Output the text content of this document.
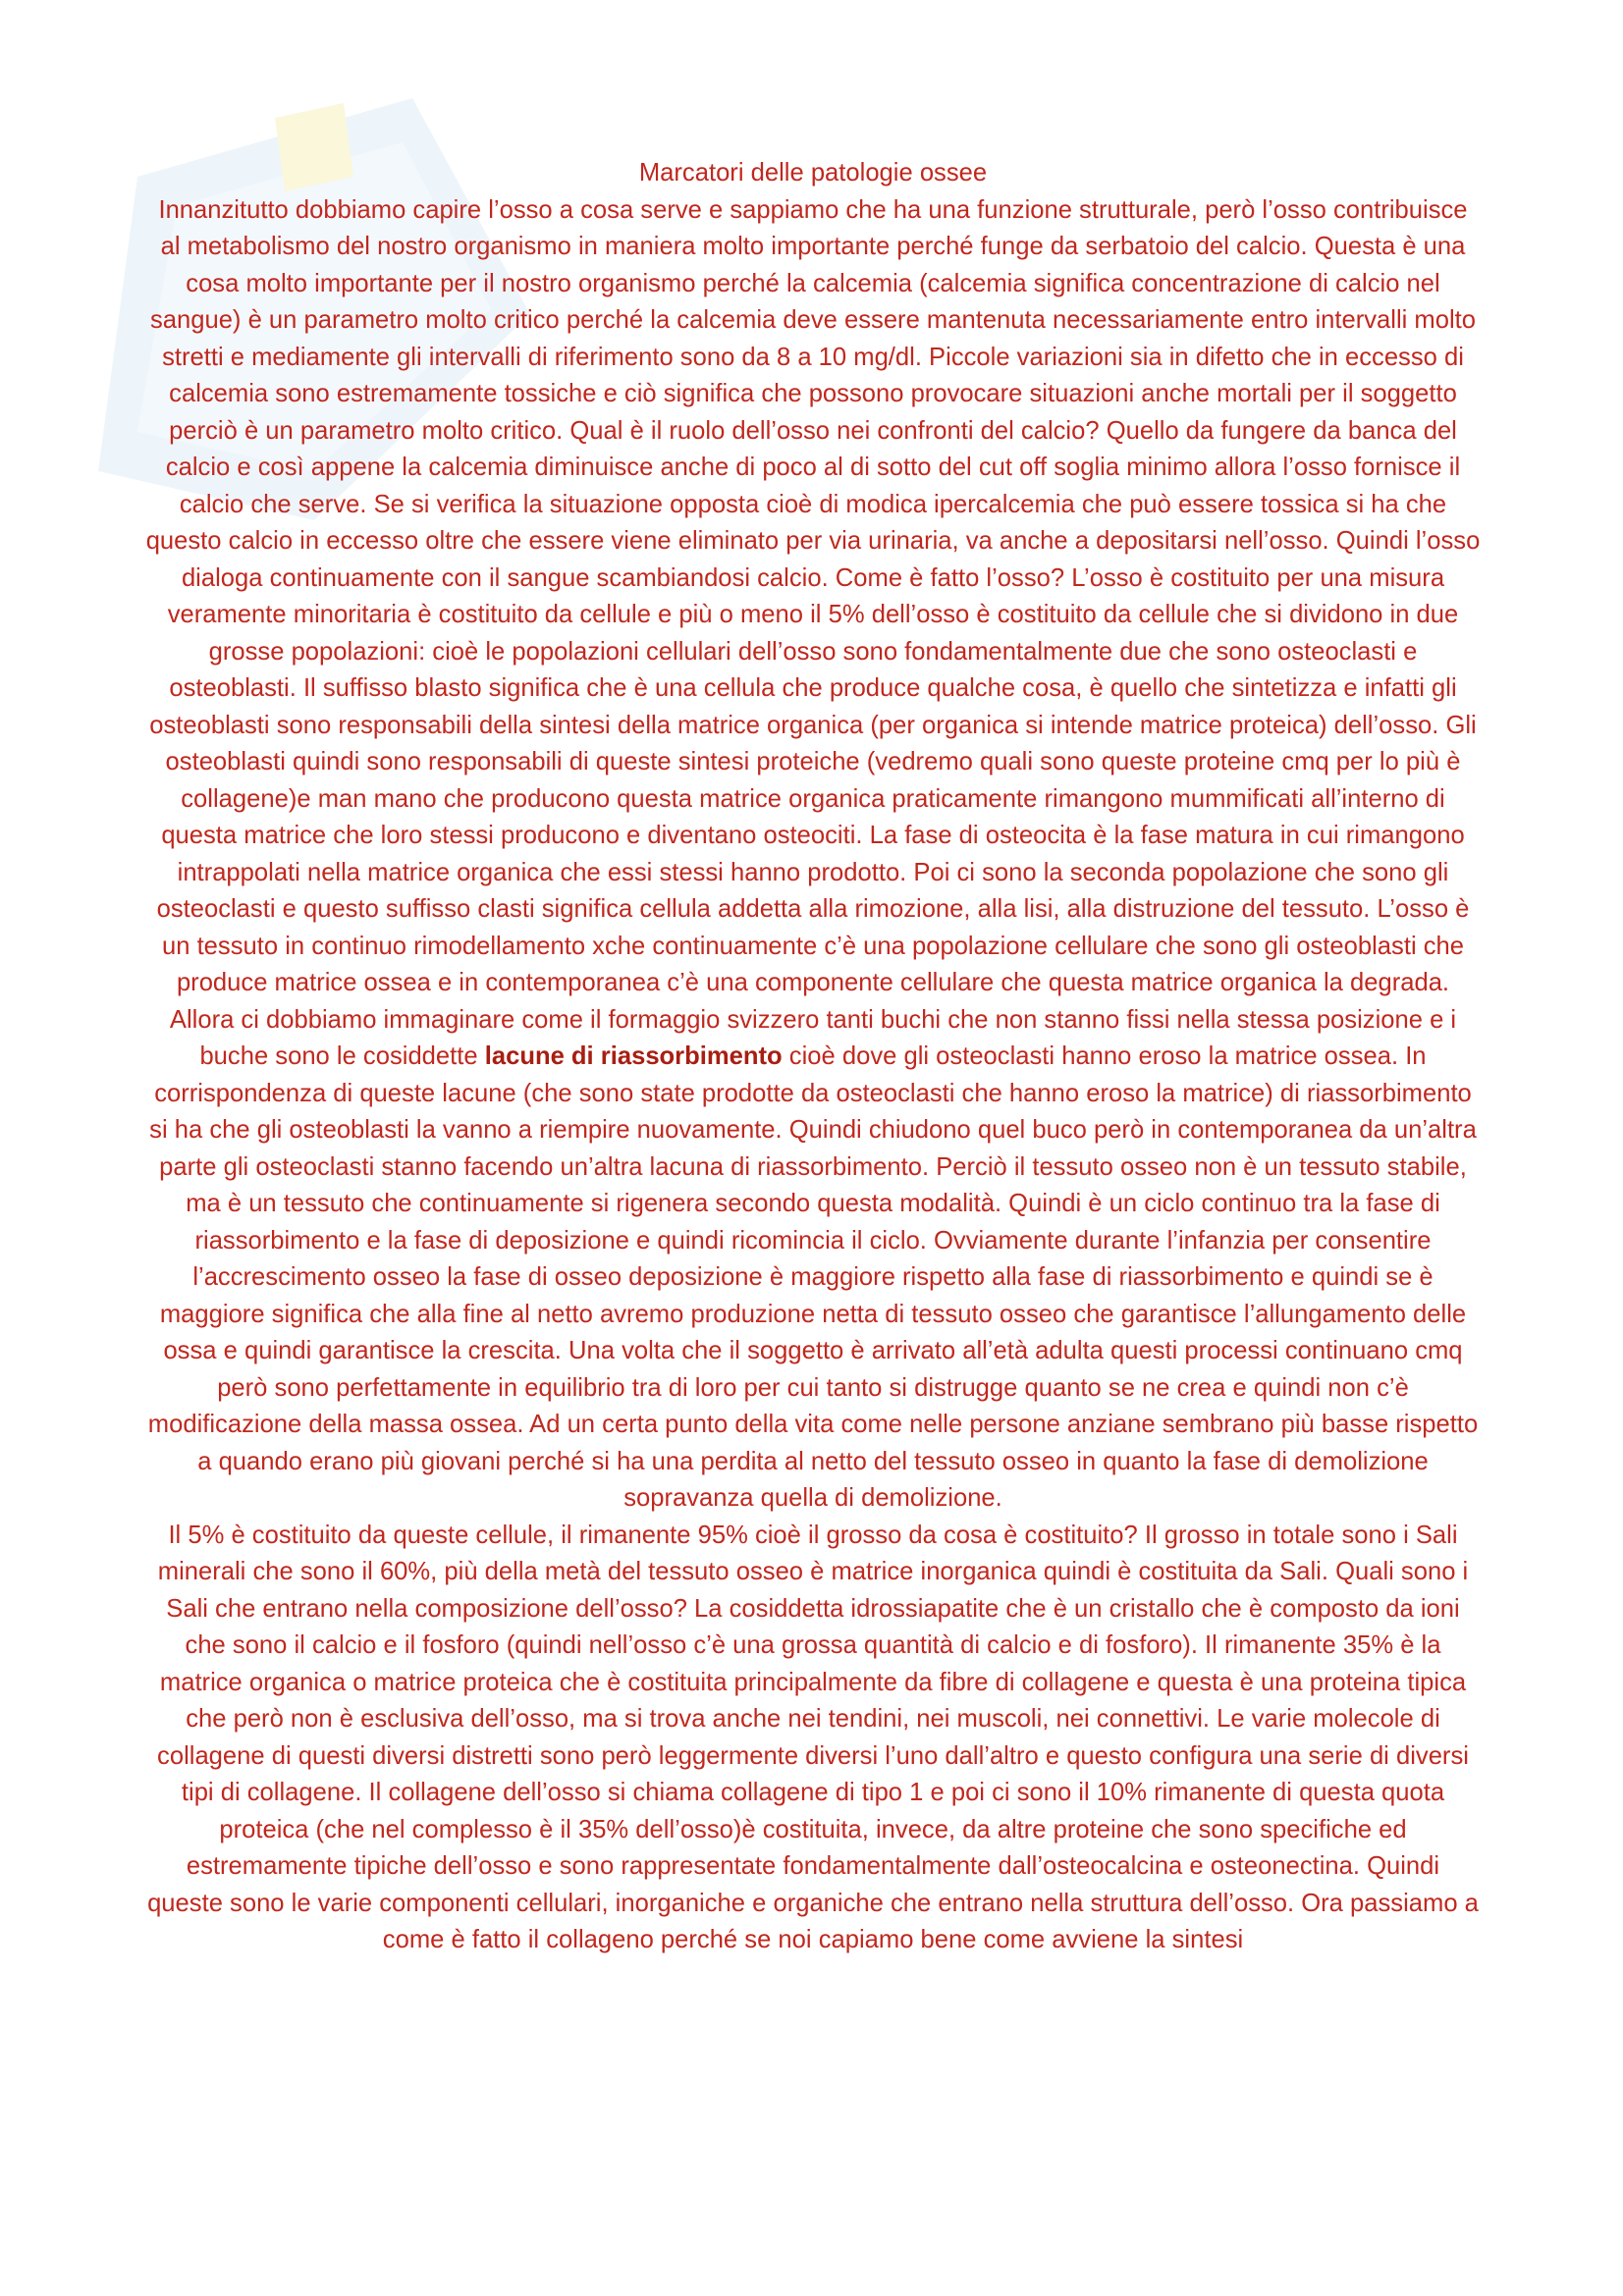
Marcatori delle patologie ossee

Innanzitutto dobbiamo capire l’osso a cosa serve e sappiamo che ha una funzione strutturale, però l’osso contribuisce al metabolismo del nostro organismo in maniera molto importante perché funge da serbatoio del calcio. Questa è una cosa molto importante per il nostro organismo perché la calcemia (calcemia significa concentrazione di calcio nel sangue) è un parametro molto critico perché la calcemia deve essere mantenuta necessariamente entro intervalli molto stretti e mediamente gli intervalli di riferimento sono da 8 a 10 mg/dl. Piccole variazioni sia in difetto che in eccesso di calcemia sono estremamente tossiche e ciò significa che possono provocare situazioni anche mortali per il soggetto perciò è un parametro molto critico. Qual è il ruolo dell’osso nei confronti del calcio? Quello da fungere da banca del calcio e così appene la calcemia diminuisce anche di poco al di sotto del cut off soglia minimo allora l’osso fornisce il calcio che serve. Se si verifica la situazione opposta cioè di modica ipercalcemia che può essere tossica si ha che questo calcio in eccesso oltre che essere viene eliminato per via urinaria, va anche a depositarsi nell’osso. Quindi l’osso dialoga continuamente con il sangue scambiandosi calcio. Come è fatto l’osso? L’osso è costituito per una misura veramente minoritaria è costituito da cellule e più o meno il 5% dell’osso è costituito da cellule che si dividono in due grosse popolazioni: cioè le popolazioni cellulari dell’osso sono fondamentalmente due che sono osteoclasti e osteoblasti. Il suffisso blasto significa che è una cellula che produce qualche cosa, è quello che sintetizza e infatti gli osteoblasti sono responsabili della sintesi della matrice organica (per organica si intende matrice proteica) dell’osso. Gli osteoblasti quindi sono responsabili di queste sintesi proteiche (vedremo quali sono queste proteine cmq per lo più è collagene)e man mano che producono questa matrice organica praticamente rimangono mummificati all’interno di questa matrice che loro stessi producono e diventano osteociti. La fase di osteocita è la fase matura in cui rimangono intrappolati nella matrice organica che essi stessi hanno prodotto. Poi ci sono la seconda popolazione che sono gli osteoclasti e questo suffisso clasti significa cellula addetta alla rimozione, alla lisi, alla distruzione del tessuto. L’osso è un tessuto in continuo rimodellamento xche continuamente c’è una popolazione cellulare che sono gli osteoblasti che produce matrice ossea e in contemporanea c’è una componente cellulare che questa matrice organica la degrada. Allora ci dobbiamo immaginare come il formaggio svizzero tanti buchi che non stanno fissi nella stessa posizione e i buche sono le cosiddette lacune di riassorbimento cioè dove gli osteoclasti hanno eroso la matrice ossea. In corrispondenza di queste lacune (che sono state prodotte da osteoclasti che hanno eroso la matrice) di riassorbimento si ha che gli osteoblasti la vanno a riempire nuovamente. Quindi chiudono quel buco però in contemporanea da un’altra parte gli osteoclasti stanno facendo un’altra lacuna di riassorbimento. Perciò il tessuto osseo non è un tessuto stabile, ma è un tessuto che continuamente si rigenera secondo questa modalità. Quindi è un ciclo continuo tra la fase di riassorbimento e la fase di deposizione e quindi ricomincia il ciclo. Ovviamente durante l’infanzia per consentire l’accrescimento osseo la fase di osseo deposizione è maggiore rispetto alla fase di riassorbimento e quindi se è maggiore significa che alla fine al netto avremo produzione netta di tessuto osseo che garantisce l’allungamento delle ossa e quindi garantisce la crescita. Una volta che il soggetto è arrivato all’età adulta questi processi continuano cmq però sono perfettamente in equilibrio tra di loro per cui tanto si distrugge quanto se ne crea e quindi non c’è modificazione della massa ossea. Ad un certa punto della vita come nelle persone anziane sembrano più basse rispetto a quando erano più giovani perché si ha una perdita al netto del tessuto osseo in quanto la fase di demolizione sopravanza quella di demolizione.

Il 5% è costituito da queste cellule, il rimanente 95% cioè il grosso da cosa è costituito? Il grosso in totale sono i Sali minerali che sono il 60%, più della metà del tessuto osseo è matrice inorganica quindi è costituita da Sali. Quali sono i Sali che entrano nella composizione dell’osso? La cosiddetta idrossiapatite che è un cristallo che è composto da ioni che sono il calcio e il fosforo (quindi nell’osso c’è una grossa quantità di calcio e di fosforo). Il rimanente 35% è la matrice organica o matrice proteica che è costituita principalmente da fibre di collagene e questa è una proteina tipica che però non è esclusiva dell’osso, ma si trova anche nei tendini, nei muscoli, nei connettivi. Le varie molecole di collagene di questi diversi distretti sono però leggermente diversi l’uno dall’altro e questo configura una serie di diversi tipi di collagene. Il collagene dell’osso si chiama collagene di tipo 1 e poi ci sono il 10% rimanente di questa quota proteica (che nel complesso è il 35% dell’osso)è costituita, invece, da altre proteine che sono specifiche ed estremamente tipiche dell’osso e sono rappresentate fondamentalmente dall’osteocalcina e osteonectina. Quindi queste sono le varie componenti cellulari, inorganiche e organiche che entrano nella struttura dell’osso. Ora passiamo a come è fatto il collageno perché se noi capiamo bene come avviene la sintesi
